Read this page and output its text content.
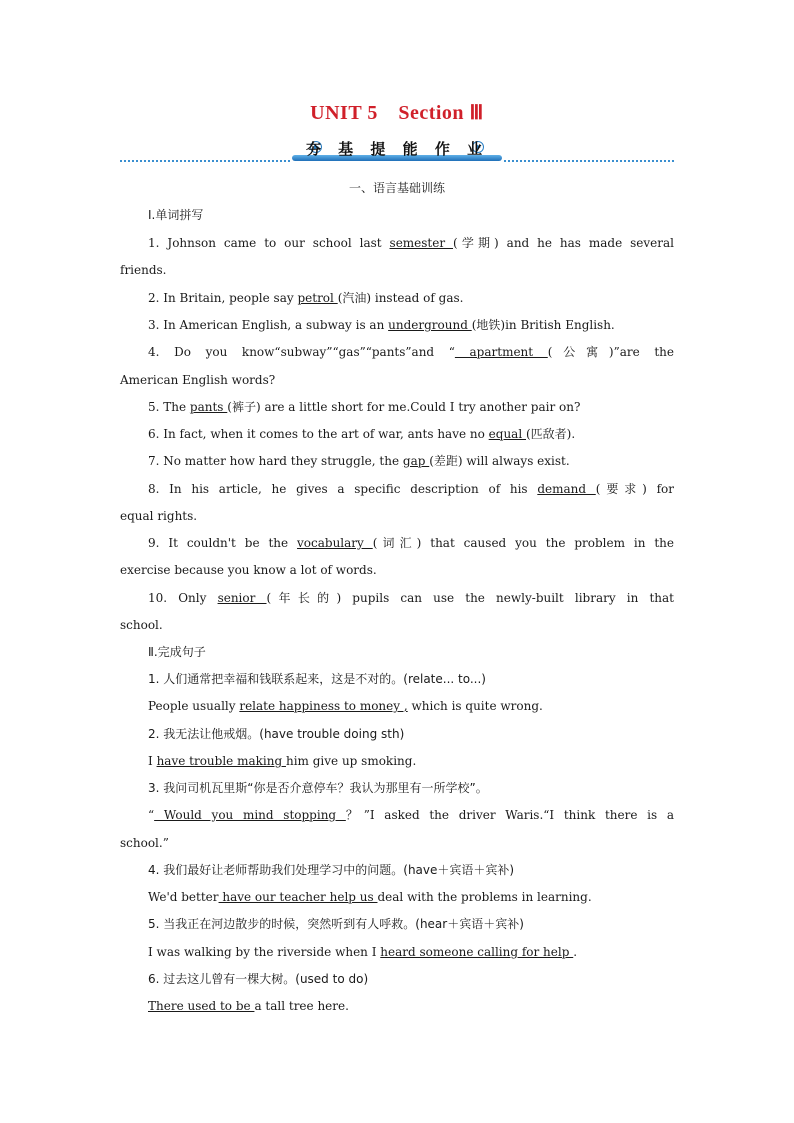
UNIT 5　Section Ⅲ
夯 基 提 能 作 业
一、语言基础训练
Ⅰ.单词拼写
1. Johnson came to our school last semester (学期) and he has made several
friends.
2. In Britain, people say petrol (汽油) instead of gas.
3. In American English, a subway is an underground (地铁)in British English.
4. Do you know“subway”“gas”“pants”and “ apartment (公寓)”are the
American English words?
5. The pants (裤子) are a little short for me.Could I try another pair on?
6. In fact, when it comes to the art of war, ants have no equal (匹敌者).
7. No matter how hard they struggle, the gap (差距) will always exist.
8. In his article, he gives a specific description of his demand (要求) for
equal rights.
9. It couldn't be the vocabulary (词汇) that caused you the problem in the
exercise because you know a lot of words.
10. Only senior (年长的) pupils can use the newly-built library in that
school.
Ⅱ.完成句子
1. 人们通常把幸福和钱联系起来，这是不对的。(relate... to...)
People usually relate happiness to money , which is quite wrong.
2. 我无法让他戒烟。(have trouble doing sth)
I have trouble making him give up smoking.
3. 我问司机瓦里斯“你是否介意停车？我认为那里有一所学校”。
“ Would you mind stopping ？”I asked the driver Waris.“I think there is a
school.”
4. 我们最好让老师帮助我们处理学习中的问题。(have＋宾语＋宾补)
We'd better have our teacher help us deal with the problems in learning.
5. 当我正在河边散步的时候，突然听到有人呼救。(hear＋宾语＋宾补)
I was walking by the riverside when I heard someone calling for help .
6. 过去这儿曾有一棵大树。(used to do)
There used to be a tall tree here.
